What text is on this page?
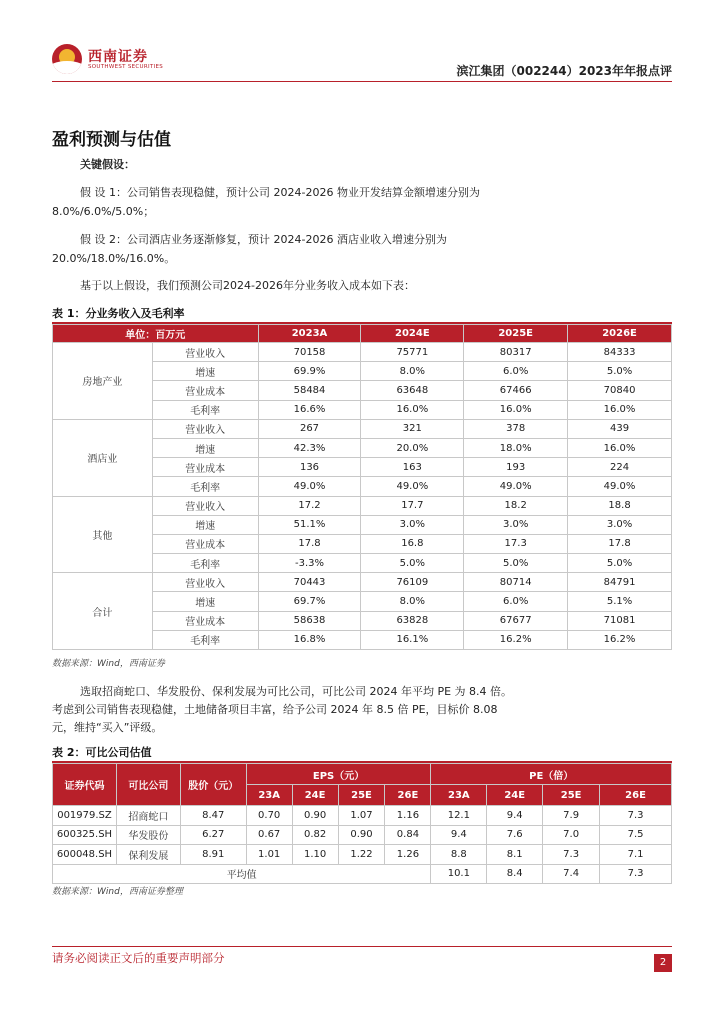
西南证券
SOUTHWEST SECURITIES	滨江集团（002244）2023年年报点评
盈利预测与估值
关键假设：
假 设 1：公司销售表现稳健，预计公司 2024-2026 物业开发结算金额增速分别为
8.0%/6.0%/5.0%；
假 设 2：公司酒店业务逐渐修复，预计 2024-2026 酒店业收入增速分别为
20.0%/18.0%/16.0%。
基于以上假设，我们预测公司2024-2026年分业务收入成本如下表：
表 1：分业务收入及毛利率
单位：百万元		2023A	2024E	2025E	2026E
房地产业	营业收入	70158	75771	80317	84333
	增速	69.9%	8.0%	6.0%	5.0%
	营业成本	58484	63648	67466	70840
	毛利率	16.6%	16.0%	16.0%	16.0%
酒店业	营业收入	267	321	378	439
	增速	42.3%	20.0%	18.0%	16.0%
	营业成本	136	163	193	224
	毛利率	49.0%	49.0%	49.0%	49.0%
其他	营业收入	17.2	17.7	18.2	18.8
	增速	51.1%	3.0%	3.0%	3.0%
	营业成本	17.8	16.8	17.3	17.8
	毛利率	-3.3%	5.0%	5.0%	5.0%
合计	营业收入	70443	76109	80714	84791
	增速	69.7%	8.0%	6.0%	5.1%
	营业成本	58638	63828	67677	71081
	毛利率	16.8%	16.1%	16.2%	16.2%
数据来源：Wind，西南证券
选取招商蛇口、华发股份、保利发展为可比公司，可比公司 2024 年平均 PE 为 8.4 倍。
考虑到公司销售表现稳健，土地储备项目丰富，给予公司 2024 年 8.5 倍 PE，目标价 8.08
元，维持“买入”评级。
表 2：可比公司估值
证券代码	可比公司	股价（元）	EPS（元）				PE（倍）			
			23A	24E	25E	26E	23A	24E	25E	26E
001979.SZ	招商蛇口	8.47	0.70	0.90	1.07	1.16	12.1	9.4	7.9	7.3
600325.SH	华发股份	6.27	0.67	0.82	0.90	0.84	9.4	7.6	7.0	7.5
600048.SH	保利发展	8.91	1.01	1.10	1.22	1.26	8.8	8.1	7.3	7.1
平均值							10.1	8.4	7.4	7.3
数据来源：Wind，西南证券整理
请务必阅读正文后的重要声明部分	2
